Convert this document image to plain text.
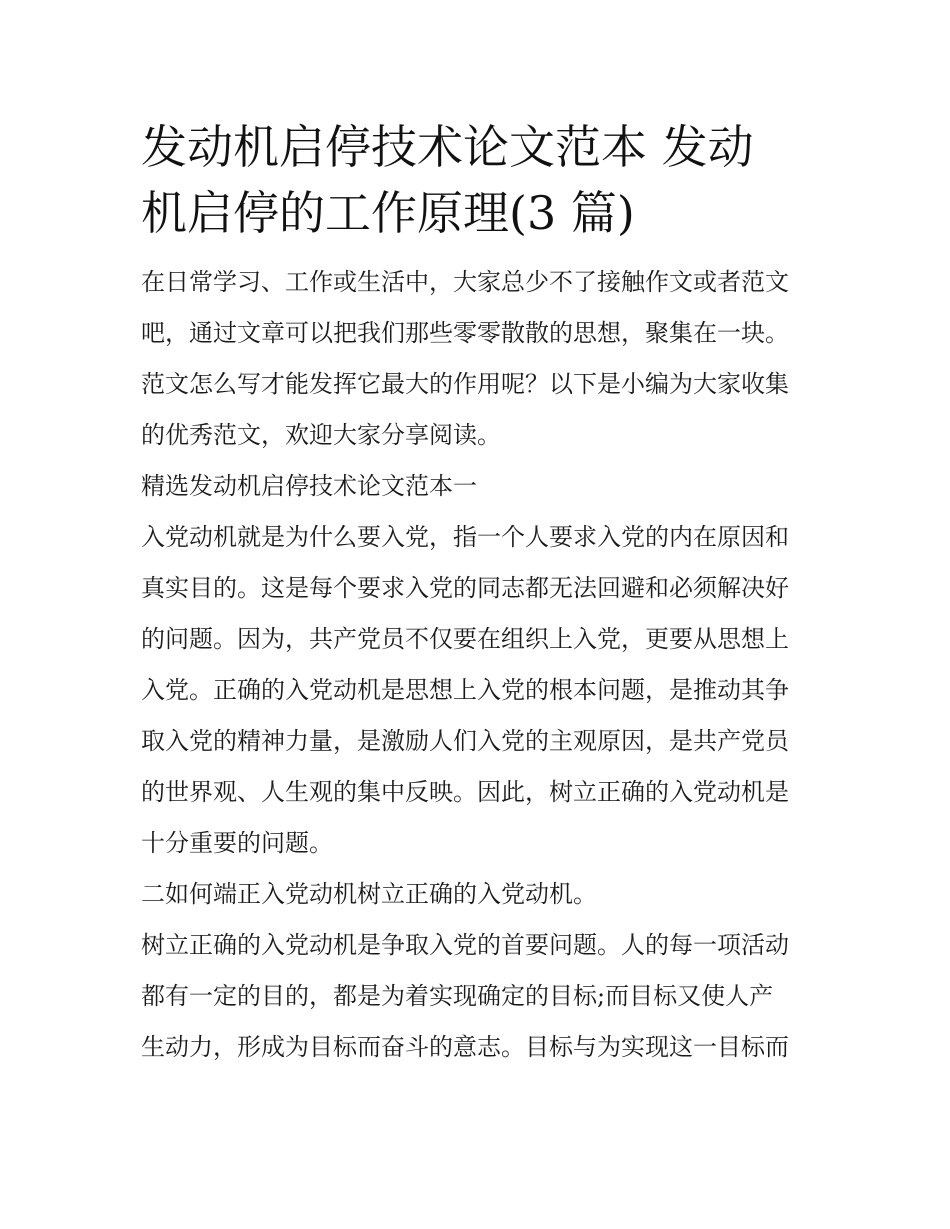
发动机启停技术论文范本 发动
机启停的工作原理(3 篇)
在日常学习、工作或生活中，大家总少不了接触作文或者范文
吧，通过文章可以把我们那些零零散散的思想，聚集在一块。
范文怎么写才能发挥它最大的作用呢？以下是小编为大家收集
的优秀范文，欢迎大家分享阅读。
精选发动机启停技术论文范本一
入党动机就是为什么要入党，指一个人要求入党的内在原因和
真实目的。这是每个要求入党的同志都无法回避和必须解决好
的问题。因为，共产党员不仅要在组织上入党，更要从思想上
入党。正确的入党动机是思想上入党的根本问题，是推动其争
取入党的精神力量，是激励人们入党的主观原因，是共产党员
的世界观、人生观的集中反映。因此，树立正确的入党动机是
十分重要的问题。
二如何端正入党动机树立正确的入党动机。
树立正确的入党动机是争取入党的首要问题。人的每一项活动
都有一定的目的，都是为着实现确定的目标;而目标又使人产
生动力，形成为目标而奋斗的意志。目标与为实现这一目标而
